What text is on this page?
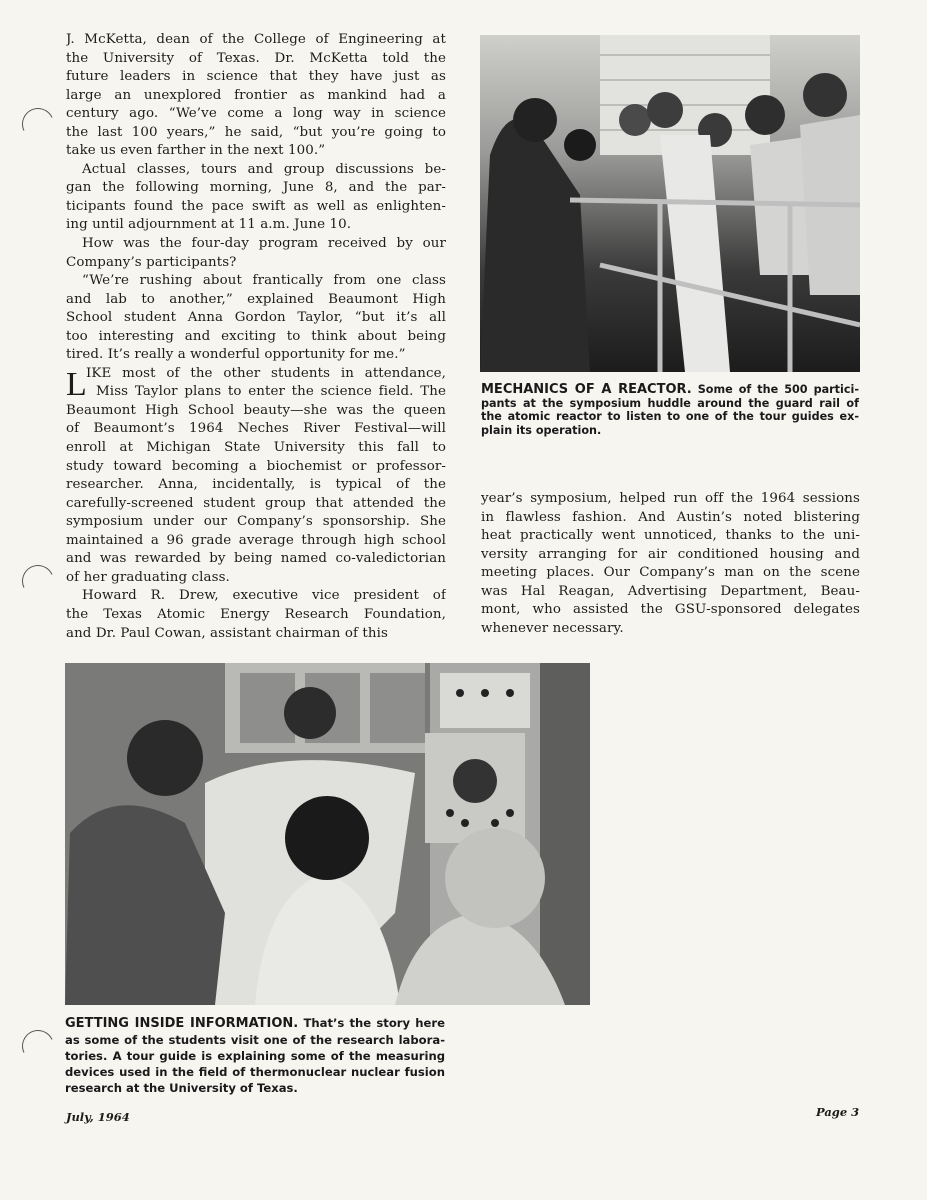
J. McKetta, dean of the College of Engineering at
the University of Texas. Dr. McKetta told the
future leaders in science that they have just as
large an unexplored frontier as mankind had a
century ago. “We’ve come a long way in science
the last 100 years,” he said, “but you’re going to
take us even farther in the next 100.”
Actual classes, tours and group discussions be-
gan the following morning, June 8, and the par-
ticipants found the pace swift as well as enlighten-
ing until adjournment at 11 a.m. June 10.
How was the four-day program received by our
Company’s participants?
“We’re rushing about frantically from one class
and lab to another,” explained Beaumont High
School student Anna Gordon Taylor, “but it’s all
too interesting and exciting to think about being
tired. It’s really a wonderful opportunity for me.”
L IKE most of the other students in attendance,
Miss Taylor plans to enter the science field. The
Beaumont High School beauty—she was the queen
of Beaumont’s 1964 Neches River Festival—will
enroll at Michigan State University this fall to
study toward becoming a biochemist or professor-
researcher. Anna, incidentally, is typical of the
carefully-screened student group that attended the
symposium under our Company’s sponsorship. She
maintained a 96 grade average through high school
and was rewarded by being named co-valedictorian
of her graduating class.
Howard R. Drew, executive vice president of
the Texas Atomic Energy Research Foundation,
and Dr. Paul Cowan, assistant chairman of this
year’s symposium, helped run off the 1964 sessions
in flawless fashion. And Austin’s noted blistering
heat practically went unnoticed, thanks to the uni-
versity arranging for air conditioned housing and
meeting places. Our Company’s man on the scene
was Hal Reagan, Advertising Department, Beau-
mont, who assisted the GSU-sponsored delegates
whenever necessary.
MECHANICS OF A REACTOR. Some of the 500 participants at the symposium huddle around the guard rail of the atomic reactor to listen to one of the tour guides explain its operation.
GETTING INSIDE INFORMATION. That’s the story here as some of the students visit one of the research laboratories. A tour guide is explaining some of the measuring devices used in the field of thermonuclear nuclear fusion research at the University of Texas.
July, 1964	Page 3
